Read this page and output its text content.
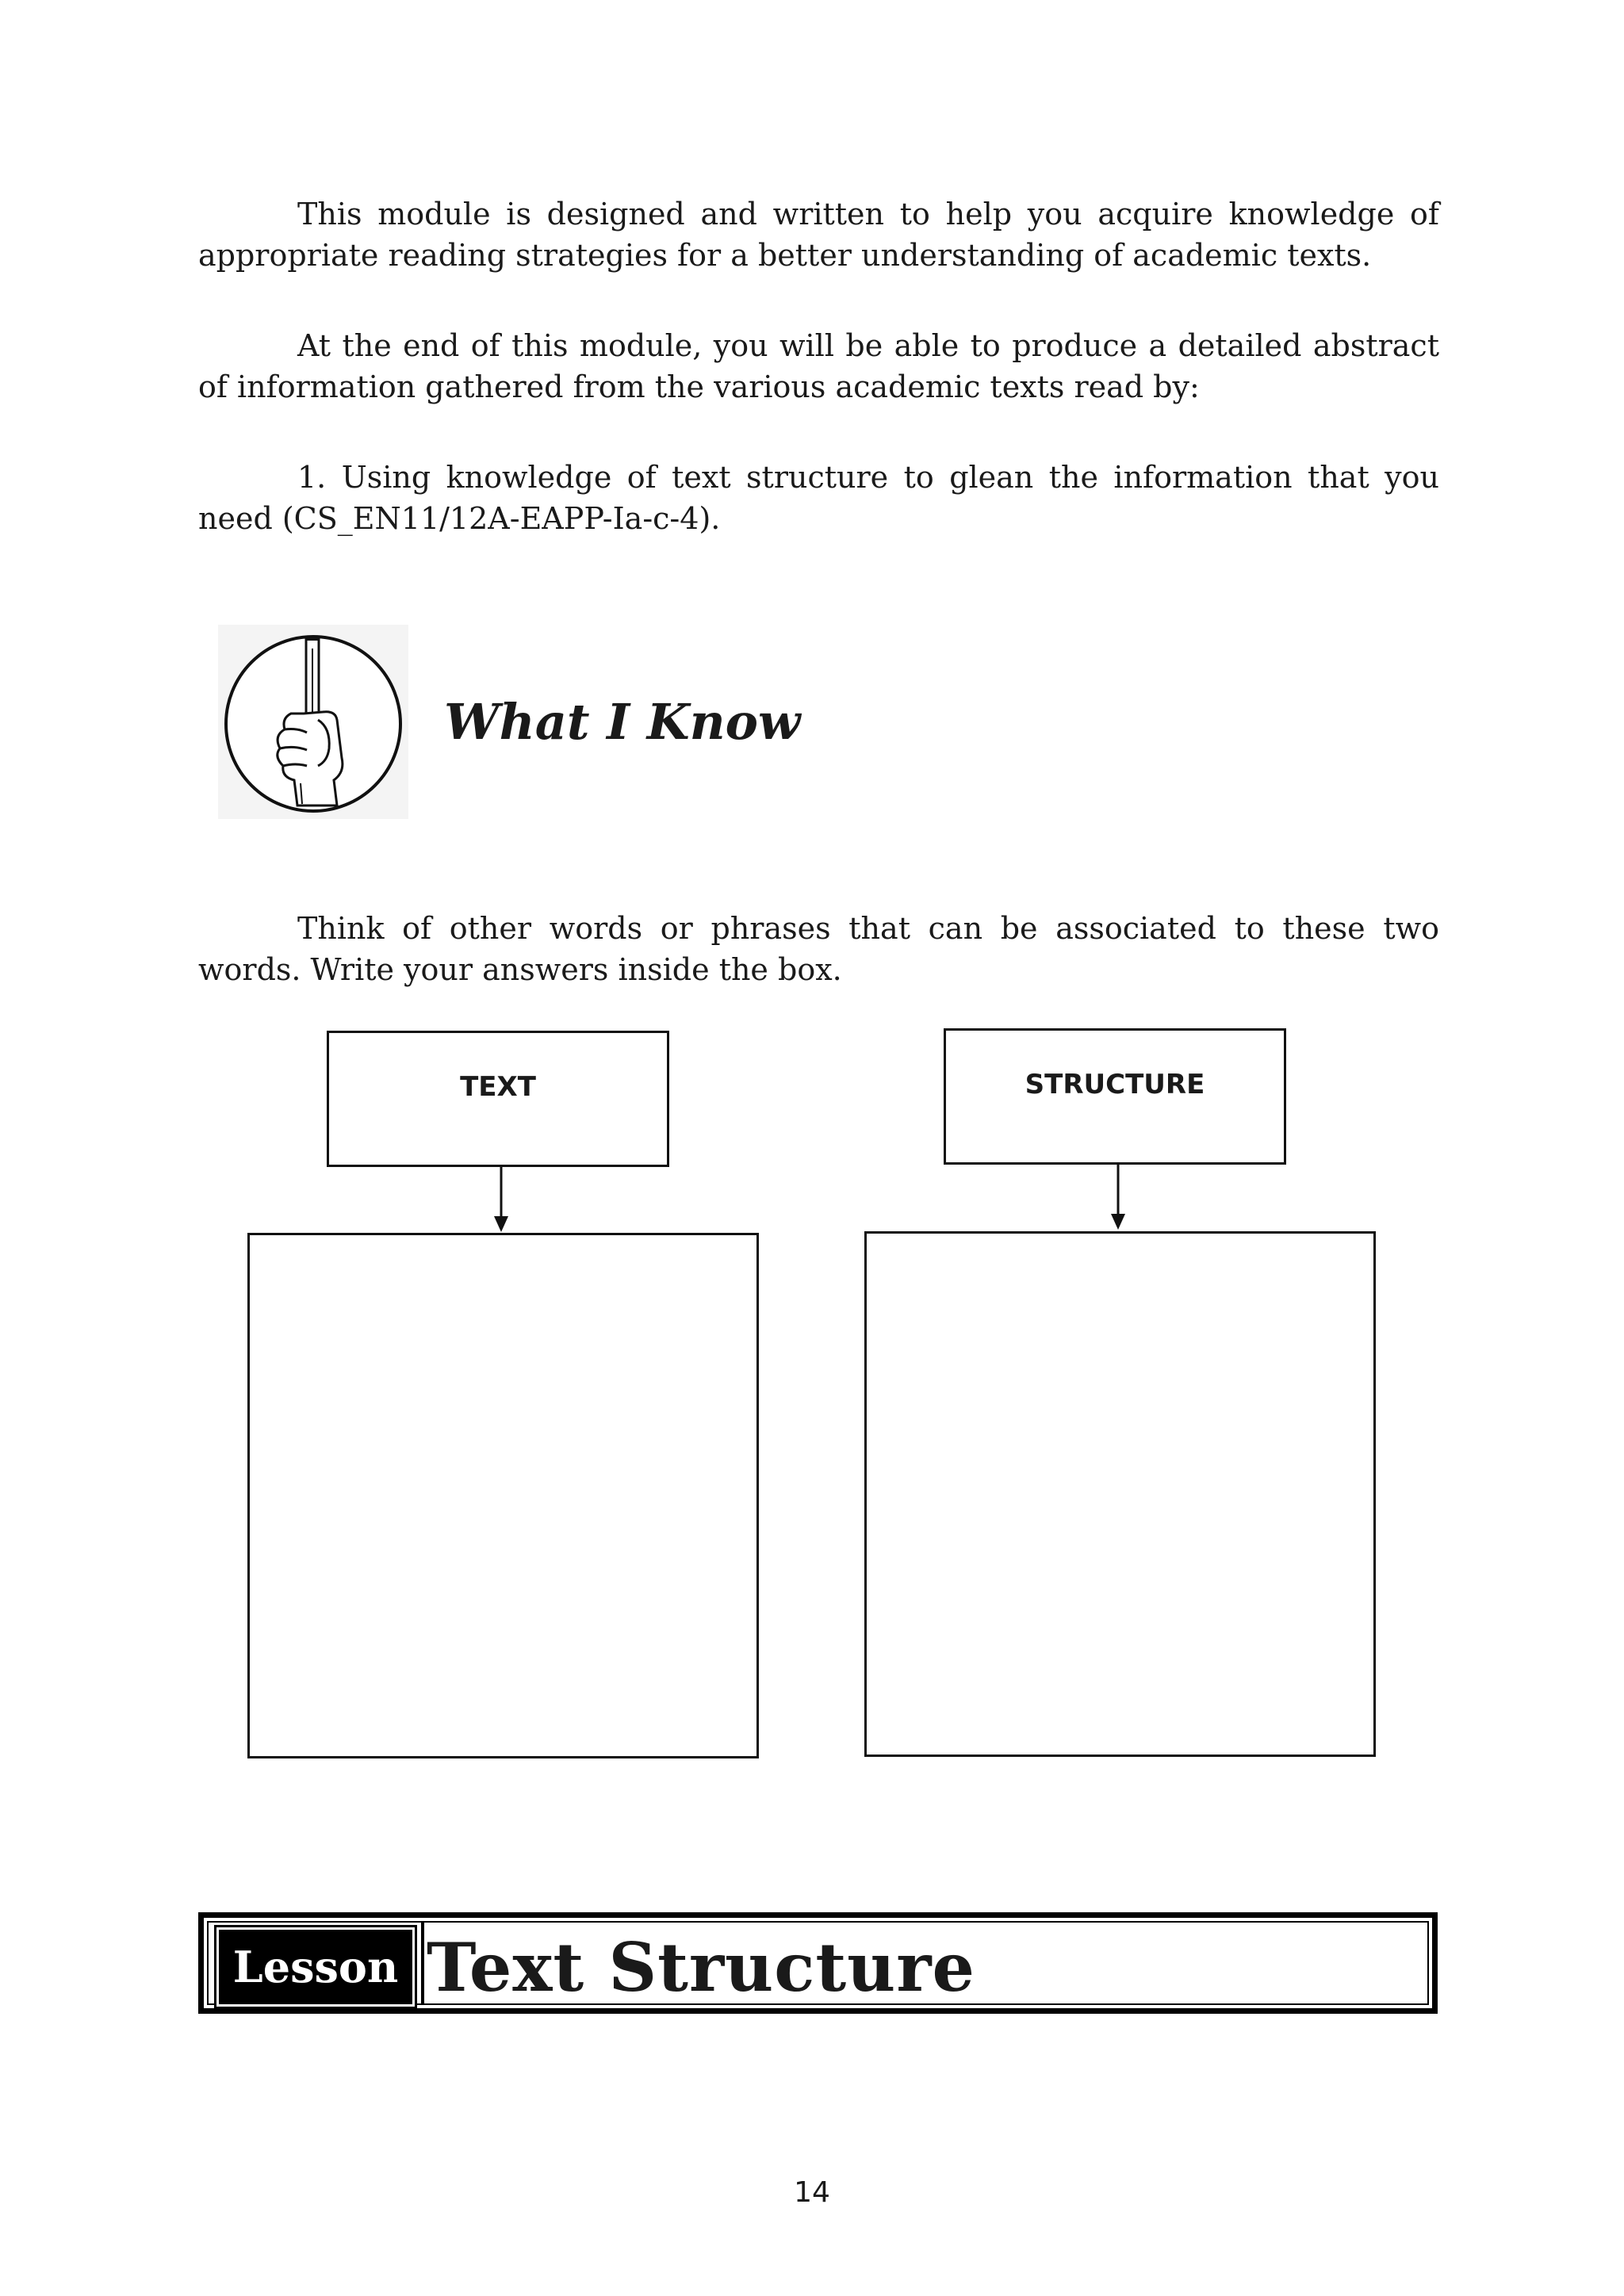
This module is designed and written to help you acquire knowledge of appropriate reading strategies for a better understanding of academic texts.

At the end of this module, you will be able to produce a detailed abstract of information gathered from the various academic texts read by:

1. Using knowledge of text structure to glean the information that you need (CS_EN11/12A-EAPP-Ia-c-4).

What I Know

Think of other words or phrases that can be associated to these two words. Write your answers inside the box.

TEXT	STRUCTURE
Lesson Text Structure
14
